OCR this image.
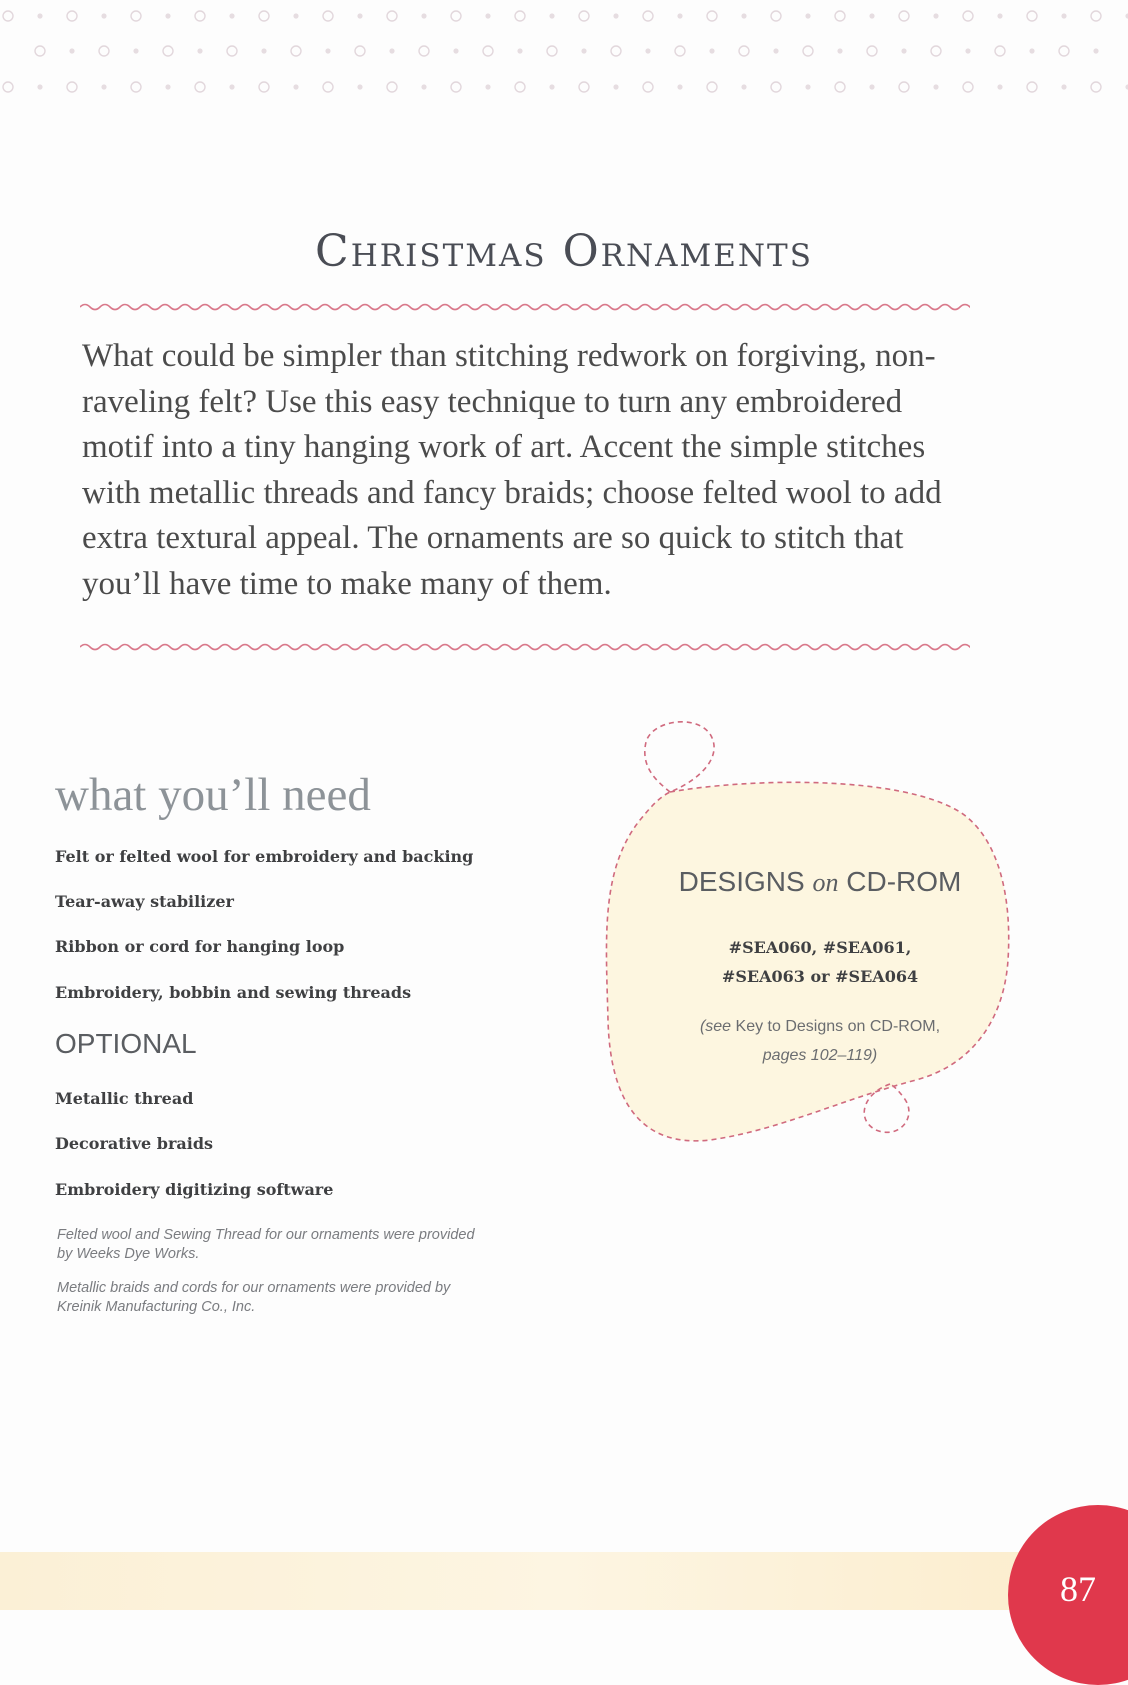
Christmas Ornaments

What could be simpler than stitching redwork on forgiving, non-raveling felt? Use this easy technique to turn any embroidered motif into a tiny hanging work of art. Accent the simple stitches with metallic threads and fancy braids; choose felted wool to add extra textural appeal. The ornaments are so quick to stitch that you’ll have time to make many of them.

what you’ll need

Felt or felted wool for embroidery and backing

Tear-away stabilizer

Ribbon or cord for hanging loop

Embroidery, bobbin and sewing threads

OPTIONAL

Metallic thread

Decorative braids

Embroidery digitizing software

Felted wool and Sewing Thread for our ornaments were provided by Weeks Dye Works.

Metallic braids and cords for our ornaments were provided by Kreinik Manufacturing Co., Inc.

DESIGNS on CD-ROM

#SEA060, #SEA061,
#SEA063 or #SEA064

(see Key to Designs on CD-ROM,
pages 102–119)

87
